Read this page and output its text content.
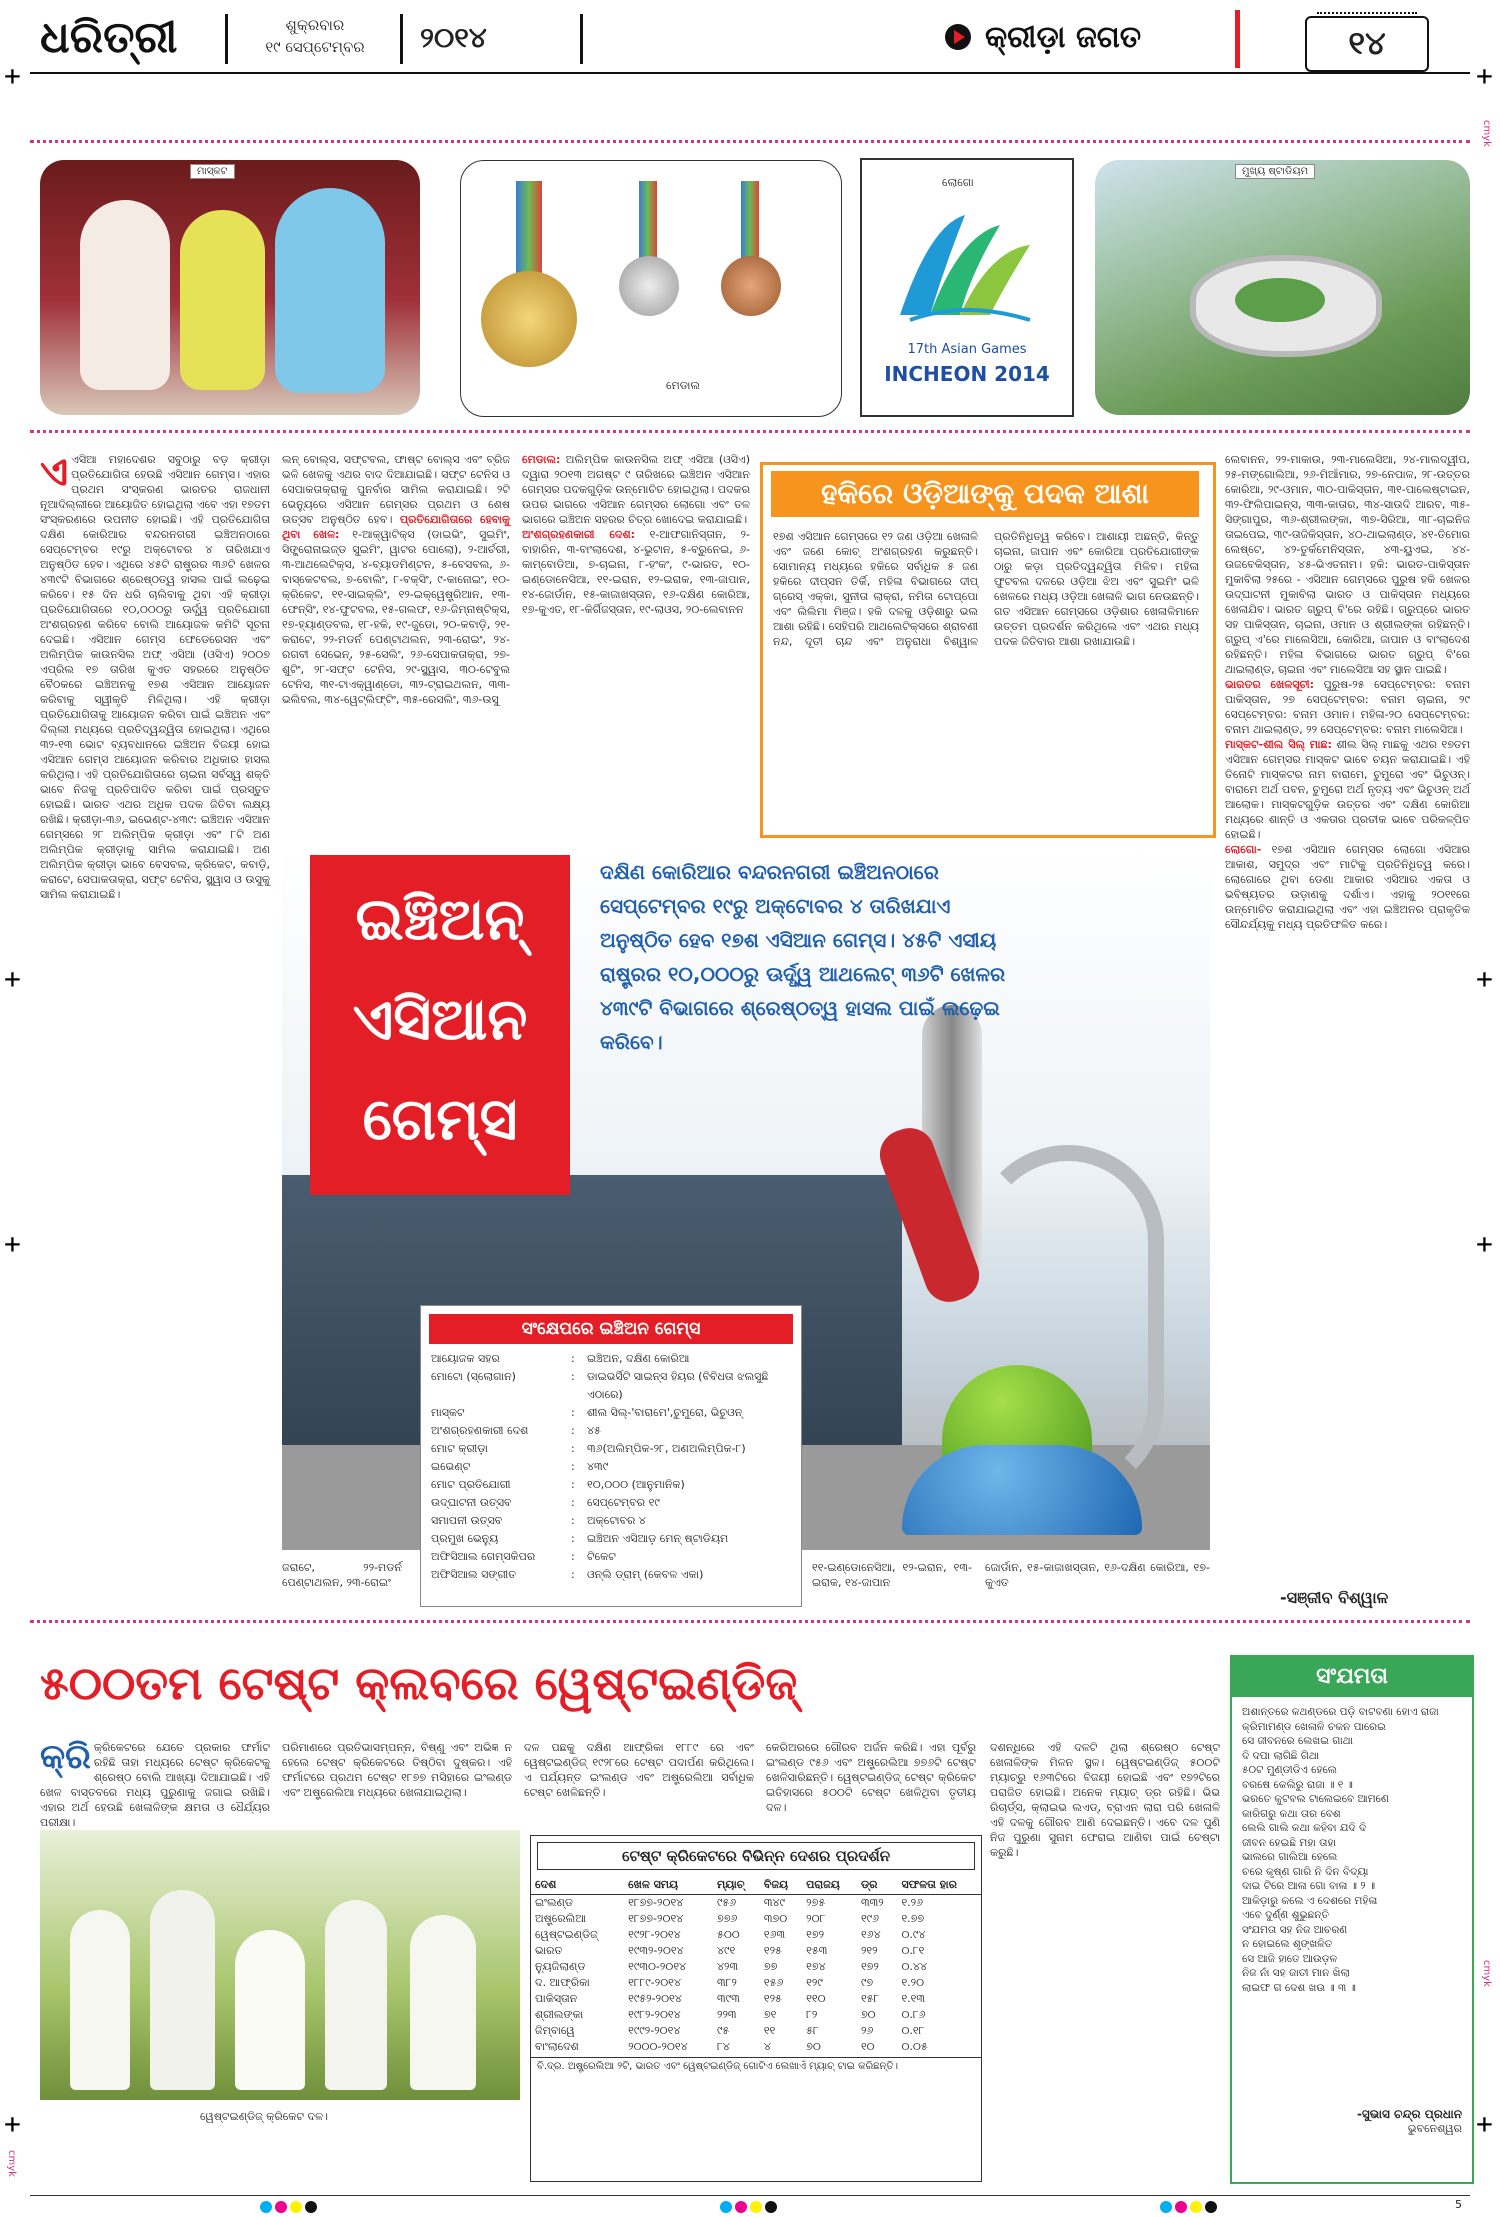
+	+
+	+
+	+
+	+
cmyk
cmyk
cmyk
ଧରିତ୍ରୀ	ଶୁକ୍ରବାର
୧୯ ସେପ୍ଟେମ୍ବର	୨୦୧୪	କ୍ରୀଡ଼ା ଜଗତ	୧୪
ମାସ୍କଟ
ମେଡାଲ
ଲୋଗୋ
17th Asian Games
INCHEON 2014
ମୁଖ୍ୟ ଷ୍ଟାଡିୟମ
ଏ ଏସିଆ ମହାଦେଶର ସବୁଠାରୁ ବଡ଼ କ୍ରୀଡ଼ା ପ୍ରତିଯୋଗିତା ହେଉଛି ଏସିଆନ ଗେମ୍ସ। ଏହାର ପ୍ରଥମ ସଂସ୍କରଣ ଭାରତର ରାଜଧାନୀ ନୂଆଦିଲ୍ଲୀରେ ଆୟୋଜିତ ହୋଇଥିଲା ଏବେ ଏହା ୧୭ତମ ସଂସ୍କରଣରେ ଉପନୀତ ହୋଇଛି। ଏହି ପ୍ରତିଯୋଗିତା ଦକ୍ଷିଣ କୋରିଆର ବନ୍ଦରନଗରୀ ଇଞ୍ଚିଅନଠାରେ ସେପ୍ଟେମ୍ବର ୧୯ରୁ ଅକ୍ଟୋବର ୪ ତାରିଖଯାଏ ଅନୁଷ୍ଠିତ ହେବ। ଏଥିରେ ୪୫ଟି ରାଷ୍ଟ୍ରର ୩୬ଟି ଖେଳର ୪୩୯ଟି ବିଭାଗରେ ଶ୍ରେଷ୍ଠତ୍ୱ ହାସଲ ପାଇଁ ଲଢ଼େଇ କରିବେ। ୧୫ ଦିନ ଧରି ଚାଲିବାକୁ ଥିବା ଏହି କ୍ରୀଡ଼ା ପ୍ରତିଯୋଗିତାରେ ୧୦,୦୦୦ରୁ ଊର୍ଦ୍ଧ୍ୱ ପ୍ରତିଯୋଗୀ ଅଂଶଗ୍ରହଣ କରିବେ ବୋଲି ଆୟୋଜକ କମିଟି ସୂଚନା ଦେଇଛି। ଏସିଆନ ଗେମ୍ସ ଫେଡେରେସନ ଏବଂ ଅଲିମ୍ପିକ କାଉନସିଲ ଅଫ୍ ଏସିଆ (ଓସିଏ) ୨୦୦୭ ଏପ୍ରିଲ ୧୭ ତାରିଖ କୁଏତ ସହରରେ ଅନୁଷ୍ଠିତ ବୈଠକରେ ଇଞ୍ଚିଅନକୁ ୧୭ଶ ଏସିଆନ ଆୟୋଜନ କରିବାକୁ ସ୍ୱୀକୃତି ମିଳିଥିଲା। ଏହି କ୍ରୀଡ଼ା ପ୍ରତିଯୋଗିତାକୁ ଆୟୋଜନ କରିବା ପାଇଁ ଇଞ୍ଚିଅନ ଏବଂ ଦିଲ୍ଲୀ ମଧ୍ୟରେ ପ୍ରତିଦ୍ୱନ୍ଦ୍ୱିତା ହୋଇଥିଲା। ଏଥିରେ ୩୨-୧୩ ଭୋଟ ବ୍ୟବଧାନରେ ଇଞ୍ଚିଅନ ବିଜୟୀ ହୋଇ ଏସିଆନ ଗେମ୍ସ ଆୟୋଜନ କରିବାର ଅଧିକାର ହାସଲ କରିଥିଲା। ଏହି ପ୍ରତିଯୋଗିତାରେ ଚାଇନା ସର୍ବସ୍ୱ ଶକ୍ତି ଭାବେ ନିଜକୁ ପ୍ରତିପାଦିତ କରିବା ପାଇଁ ପ୍ରସ୍ତୁତ ହୋଇଛି। ଭାରତ ଏଥର ଅଧିକ ପଦକ ଜିତିବା ଲକ୍ଷ୍ୟ ରଖିଛି। କ୍ରୀଡ଼ା-୩୬, ଇଭେଣ୍ଟ-୪୩୯: ଇଞ୍ଚିଅନ ଏସିଆନ ଗେମ୍ସରେ ୨୮ ଅଲିମ୍ପିକ କ୍ରୀଡ଼ା ଏବଂ ୮ଟି ଅଣ ଅଲିମ୍ପିକ କ୍ରୀଡ଼ାକୁ ସାମିଲ କରାଯାଇଛି। ଅଣ ଅଲିମ୍ପିକ କ୍ରୀଡ଼ା ଭାବେ ବେସବଲ, କ୍ରିକେଟ, କବାଡ଼ି, କରାଟେ, ସେପାକତାକ୍ରା, ସଫ୍ଟ ଟେନିସ, ସ୍କ୍ୱାସ ଓ ଉସୁକୁ ସାମିଲ କରାଯାଇଛି।
ଲନ୍ ବୋଲ୍ସ, ସଫ୍ଟବଲ, ଫାଷ୍ଟ ବୋଲ୍ସ ଏବଂ ବ୍ରିଜ ଭଳି ଖେଳକୁ ଏଥର ବାଦ ଦିଆଯାଇଛି। ସଫ୍ଟ ଟେନିସ ଓ ସେପାକତାକ୍ରାକୁ ପୁନର୍ବାର ସାମିଲ କରାଯାଇଛି। ୨ଟି ଭେନ୍ୟୁରେ ଏସିଆନ ଗେମ୍ସର ପ୍ରଥମ ଓ ଶେଷ ଉତ୍ସବ ଅନୁଷ୍ଠିତ ହେବ। ପ୍ରତିଯୋଗିତାରେ ହେବାକୁ ଥିବା ଖେଳ: ୧-ଆକ୍ୱାଟିକ୍ସ (ଡାଇଭିଂ, ସୁଇମିଂ, ସିଙ୍କ୍ରୋନାଇଜ୍ଡ ସୁଇମିଂ, ୱାଟର ପୋଲୋ), ୨-ଆର୍ଚରୀ, ୩-ଆଥଲେଟିକ୍ସ, ୪-ବ୍ୟାଡମିଣ୍ଟନ, ୫-ବେସବଲ, ୬-ବାସ୍କେଟବଲ, ୭-ବୋଲିଂ, ୮-ବକ୍ସିଂ, ୯-କାନୋଇଂ, ୧୦-କ୍ରିକେଟ, ୧୧-ସାଇକ୍ଲିଂ, ୧୨-ଇକ୍ୱେଷ୍ଟ୍ରିଆନ, ୧୩-ଫେନ୍ସିଂ, ୧୪-ଫୁଟବଲ, ୧୫-ଗଲଫ, ୧୬-ଜିମ୍ନାଷ୍ଟିକ୍ସ, ୧୭-ହ୍ୟାଣ୍ଡବଲ, ୧୮-ହକି, ୧୯-ଜୁଡୋ, ୨୦-କବାଡ଼ି, ୨୧-କରାଟେ, ୨୨-ମଡର୍ନ ପେଣ୍ଟାଥଲନ, ୨୩-ରୋଇଂ, ୨୪-ରଗବୀ ସେଭେନ୍, ୨୫-ସେଲିଂ, ୨୬-ସେପାକତାକ୍ରା, ୨୭-ଶୁଟିଂ, ୨୮-ସଫ୍ଟ ଟେନିସ, ୨୯-ସ୍କ୍ୱାସ, ୩୦-ଟେବୁଲ ଟେନିସ, ୩୧-ଟାଏକ୍ୱାଣ୍ଡୋ, ୩୨-ଟ୍ରାଇଥଲନ, ୩୩-ଭଲିବଲ, ୩୪-ୱେଟ୍‌ଲିଫ୍ଟିଂ, ୩୫-ରେସଲିଂ, ୩୬-ଉସୁ
ମେଡାଲ: ଅଲିମ୍ପିକ କାଉନସିଲ ଅଫ୍ ଏସିଆ (ଓସିଏ) ଦ୍ୱାରା ୨୦୧୩ ଅଗଷ୍ଟ ୯ ତାରିଖରେ ଇଞ୍ଚିଅନ ଏସିଆନ ଗେମ୍ସର ପଦକଗୁଡ଼ିକ ଉନ୍ମୋଚିତ ହୋଇଥିଲା। ପଦକର ଉପର ଭାଗରେ ଏସିଆନ ଗେମ୍ସର ଲୋଗୋ ଏବଂ ତଳ ଭାଗରେ ଇଞ୍ଚିଅନ ସହରର ଚିତ୍ର ଖୋଦେଇ କରାଯାଇଛି।
ଅଂଶଗ୍ରହଣକାରୀ ଦେଶ: ୧-ଆଫଗାନିସ୍ତାନ, ୨-ବାହାରିନ, ୩-ବାଂଲାଦେଶ, ୪-ଭୁଟାନ, ୫-ବ୍ରୁନେଇ, ୬-କାମ୍ବୋଡିଆ, ୭-ଚାଇନା, ୮-ହଂକଂ, ୯-ଭାରତ, ୧୦-ଇଣ୍ଡୋନେସିଆ, ୧୧-ଇରାନ, ୧୨-ଇରାକ, ୧୩-ଜାପାନ, ୧୪-ଜୋର୍ଡାନ, ୧୫-କାଜାଖସ୍ତାନ, ୧୬-ଦକ୍ଷିଣ କୋରିଆ, ୧୭-କୁଏତ, ୧୮-କିର୍ଗିଜସ୍ତାନ, ୧୯-ଲାଓସ, ୨୦-ଲେବାନନ
ହକିରେ ଓଡ଼ିଆଙ୍କୁ ପଦକ ଆଶା
୧୭ଶ ଏସିଆନ ଗେମ୍ସରେ ୧୨ ଜଣ ଓଡ଼ିଆ ଖେଳାଳି ଏବଂ ଜଣେ କୋଚ୍ ଅଂଶଗ୍ରହଣ କରୁଛନ୍ତି। ସୋମାନ୍ୟ ମଧ୍ୟରେ ହକିରେ ସର୍ବାଧିକ ୫ ଜଣ ହକିରେ ଦୀପ୍ସନ ତିର୍କି, ମହିଳା ବିଭାଗରେ ଦୀପ୍ ଗ୍ରେସ୍ ଏକ୍କା, ସୁନୀତା ଲାକ୍ରା, ନମିତା ଟୋପ୍ପୋ ଏବଂ ଲିଲିମା ମିଞ୍ଜ। ହକି ଦଳକୁ ଓଡ଼ିଶାରୁ ଭଲ ଆଶା ରହିଛି। ସେହିପରି ଆଥଲେଟିକ୍ସରେ ଶ୍ରାବଣୀ ନନ୍ଦ, ଦୂତୀ ଚାନ୍ଦ ଏବଂ ଅନୁରାଧା ବିଶ୍ୱାଳ ପ୍ରତିନିଧିତ୍ୱ କରିବେ। ଆଶାୟୀ ଅଛନ୍ତି, କିନ୍ତୁ ଚାଇନା, ଜାପାନ ଏବଂ କୋରିଆ ପ୍ରତିଯୋଗୀଙ୍କ ଠାରୁ କଡ଼ା ପ୍ରତିଦ୍ୱନ୍ଦ୍ୱିତା ମିଳିବ। ମହିଳା ଫୁଟବଲ ଦଳରେ ଓଡ଼ିଆ ଝିଅ ଏବଂ ସୁଇମିଂ ଭଳି ଖେଳରେ ମଧ୍ୟ ଓଡ଼ିଆ ଖେଳାଳି ଭାଗ ନେଉଛନ୍ତି। ଗତ ଏସିଆନ ଗେମ୍ସରେ ଓଡ଼ିଶାର ଖେଳାଳିମାନେ ଉତ୍ତମ ପ୍ରଦର୍ଶନ କରିଥିଲେ ଏବଂ ଏଥର ମଧ୍ୟ ପଦକ ଜିତିବାର ଆଶା ରଖାଯାଉଛି।
ଲେବାନନ, ୨୨-ମାକାଉ, ୨୩-ମାଲେସିଆ, ୨୪-ମାଲଦ୍ୱୀପ, ୨୫-ମଙ୍ଗୋଲିଆ, ୨୬-ମିଆଁମାର, ୨୭-ନେପାଳ, ୨୮-ଉତ୍ତର କୋରିଆ, ୨୯-ଓମାନ, ୩୦-ପାକିସ୍ତାନ, ୩୧-ପାଲେଷ୍ଟାଇନ, ୩୨-ଫିଲିପାଇନ୍ସ, ୩୩-କାତାର, ୩୪-ସାଉଦି ଆରବ, ୩୫-ସିଙ୍ଗାପୁର, ୩୬-ଶ୍ରୀଲଙ୍କା, ୩୭-ସିରିଆ, ୩୮-ଚାଇନିଜ ତାଇପେଇ, ୩୯-ତାଜିକିସ୍ତାନ, ୪୦-ଥାଇଲାଣ୍ଡ, ୪୧-ତିମୋର ଲେଷ୍ଟେ, ୪୨-ତୁର୍କମେନିସ୍ତାନ, ୪୩-ୟୁଏଇ, ୪୪-ଉଜବେକିସ୍ତାନ, ୪୫-ଭିଏତନାମ। ହକି: ଭାରତ-ପାକିସ୍ତାନ ମୁକାବିଲା ୨୫ରେ - ଏସିଆନ ଗେମ୍ସରେ ପୁରୁଷ ହକି ଖେଳର ଉଦ୍‌ଘାଟନୀ ମୁକାବିଲା ଭାରତ ଓ ପାକିସ୍ତାନ ମଧ୍ୟରେ ଖେଳାଯିବ। ଭାରତ ଗ୍ରୁପ୍ ବି'ରେ ରହିଛି। ଗ୍ରୁପ୍‌ରେ ଭାରତ ସହ ପାକିସ୍ତାନ, ଚାଇନା, ଓମାନ ଓ ଶ୍ରୀଲଙ୍କା ରହିଛନ୍ତି। ଗ୍ରୁପ୍ ଏ'ରେ ମାଲେସିଆ, କୋରିଆ, ଜାପାନ ଓ ବାଂଲାଦେଶ ରହିଛନ୍ତି। ମହିଳା ବିଭାଗରେ ଭାରତ ଗ୍ରୁପ୍ ବି'ରେ ଥାଇଲାଣ୍ଡ, ଚାଇନା ଏବଂ ମାଲେସିଆ ସହ ସ୍ଥାନ ପାଇଛି।
ଭାରତର ଖେଳସୂଚୀ: ପୁରୁଷ-୨୫ ସେପ୍ଟେମ୍ବର: ବନାମ ପାକିସ୍ତାନ, ୨୭ ସେପ୍ଟେମ୍ବର: ବନାମ ଚାଇନା, ୨୯ ସେପ୍ଟେମ୍ବର: ବନାମ ଓମାନ। ମହିଳା-୨୦ ସେପ୍ଟେମ୍ବର: ବନାମ ଥାଇଲାଣ୍ଡ, ୨୨ ସେପ୍ଟେମ୍ବର: ବନାମ ମାଲେସିଆ।
ମାସ୍କଟ-ଶୀଲ ସିଲ୍ ମାଛ: ଶୀଲ ସିଲ୍ ମାଛକୁ ଏଥର ୧୭ତମ ଏସିଆନ ଗେମ୍ସର ମାସ୍କଟ ଭାବେ ଚୟନ କରାଯାଇଛି। ଏହି ତିନୋଟି ମାସ୍କଟର ନାମ ବାରାମେ, ଚୁମୁରୋ ଏବଂ ଭିଚୁଓନ୍। ବାରାମେ ଅର୍ଥ ପବନ, ଚୁମୁରୋ ଅର୍ଥ ନୃତ୍ୟ ଏବଂ ଭିଚୁଓନ୍ ଅର୍ଥ ଆଲୋକ। ମାସ୍କଟଗୁଡ଼ିକ ଉତ୍ତର ଏବଂ ଦକ୍ଷିଣ କୋରିଆ ମଧ୍ୟରେ ଶାନ୍ତି ଓ ଏକତାର ପ୍ରତୀକ ଭାବେ ପରିକଳ୍ପିତ ହୋଇଛି।
ଲୋଗୋ- ୧୭ଶ ଏସିଆନ ଗେମ୍ସର ଲୋଗୋ ଏସିଆର ଆକାଶ, ସମୁଦ୍ର ଏବଂ ମାଟିକୁ ପ୍ରତିନିଧିତ୍ୱ କରେ। ଲୋଗୋରେ ଥିବା ଡେଣା ଆକାର ଏସିଆର ଏକତା ଓ ଭବିଷ୍ୟତର ଉଡ଼ାଣକୁ ଦର୍ଶାଏ। ଏହାକୁ ୨୦୧୧ରେ ଉନ୍ମୋଚିତ କରାଯାଇଥିଲା ଏବଂ ଏହା ଇଞ୍ଚିଅନର ପ୍ରାକୃତିକ ସୌନ୍ଦର୍ଯ୍ୟକୁ ମଧ୍ୟ ପ୍ରତିଫଳିତ କରେ।
ଇଞ୍ଚିଅନ୍
ଏସିଆନ
ଗେମ୍ସ
ଦକ୍ଷିଣ କୋରିଆର ବନ୍ଦରନଗରୀ ଇଞ୍ଚିଅନଠାରେ ସେପ୍ଟେମ୍ବର ୧୯ରୁ ଅକ୍ଟୋବର ୪ ତାରିଖଯାଏ ଅନୁଷ୍ଠିତ ହେବ ୧୭ଶ ଏସିଆନ ଗେମ୍ସ। ୪୫ଟି ଏସୀୟ ରାଷ୍ଟ୍ରର ୧୦,୦୦୦ରୁ ଊର୍ଦ୍ଧ୍ୱ ଆଥଲେଟ୍ ୩୬ଟି ଖେଳର ୪୩୯ଟି ବିଭାଗରେ ଶ୍ରେଷ୍ଠତ୍ୱ ହାସଲ ପାଇଁ ଲଢ଼େଇ କରିବେ।
ସଂକ୍ଷେପରେ ଇଞ୍ଚିଅନ ଗେମ୍ସ
ଆୟୋଜକ ସହର	:	ଇଞ୍ଚିଅନ, ଦକ୍ଷିଣ କୋରିଆ
ମୋଟୋ (ସ୍ଲୋଗାନ)	:	ଡାଇଭର୍ସିଟି ସାଇନ୍ସ ହିୟର (ବିବିଧତା ଝଲସୁଛି ଏଠାରେ)
ମାସ୍କଟ	:	ଶୀଲ ସିଲ୍-'ବାରାମେ',ଚୁମୁରୋ, ଭିଚୁଓନ୍
ଅଂଶଗ୍ରହଣକାରୀ ଦେଶ	:	୪୫
ମୋଟ କ୍ରୀଡ଼ା	:	୩୬(ଅଲିମ୍ପିକ-୨୮, ଅଣଅଲିମ୍ପିକ-୮)
ଇଭେଣ୍ଟ	:	୪୩୯
ମୋଟ ପ୍ରତିଯୋଗୀ	:	୧୦,୦୦୦ (ଆନୁମାନିକ)
ଉଦ୍‌ଘାଟନୀ ଉତ୍ସବ	:	ସେପ୍ଟେମ୍ବର ୧୯
ସମାପନୀ ଉତ୍ସବ	:	ଅକ୍ଟୋବର ୪
ପ୍ରମୁଖ ଭେନ୍ୟୁ	:	ଇଞ୍ଚିଅନ ଏସିଆଡ଼ ମେନ୍ ଷ୍ଟାଡିୟମ
ଅଫିସିଆଲ ଗେମ୍ସକିପର	:	ଟିକେଟ
ଅଫିସିଆଲ ସଙ୍ଗୀତ	:	ଓନ୍ଲି ଡ୍ରାମ୍ (କେବଳ ଏକା)
ଜରାଟେ, ୨୨-ମଡର୍ନ ପେଣ୍ଟାଥଲନ, ୨୩-ରୋଇଂ
୧୧-ଇଣ୍ଡୋନେସିଆ, ୧୨-ଇରାନ, ୧୩-ଇରାକ, ୧୪-ଜାପାନ
ଜୋର୍ଡାନ, ୧୫-କାଜାଖସ୍ତାନ, ୧୬-ଦକ୍ଷିଣ କୋରିଆ, ୧୭-କୁଏତ
-ସଞ୍ଜୀବ ବିଶ୍ୱାଳ
୫୦୦ତମ ଟେଷ୍ଟ କ୍ଲବରେ ୱେଷ୍ଟଇଣ୍ଡିଜ୍
କ୍ରି କ୍ରିକେଟରେ ଯେତେ ପ୍ରକାର ଫର୍ମାଟ ରହିଛି ତାହା ମଧ୍ୟରେ ଟେଷ୍ଟ କ୍ରିକେଟକୁ ଶ୍ରେଷ୍ଠ ବୋଲି ଆଖ୍ୟା ଦିଆଯାଇଛି। ଏହି ଖେଳ ବାସ୍ତବରେ ମଧ୍ୟ ପୁରୁଣାକୁ ଜଗାଇ ରଖିଛି। ଏହାର ଅର୍ଥ ହେଉଛି ଖେଳାଳିଙ୍କ କ୍ଷମତା ଓ ଧୈର୍ଯ୍ୟର ପରୀକ୍ଷା।
ୱେଷ୍ଟଇଣ୍ଡିଜ୍ କ୍ରିକେଟ ଦଳ।
ପରିମାଣରେ ପ୍ରତିଭାସମ୍ପନ୍ନ, ବିଷ୍ଣୁ ଏବଂ ଅଭିଜ୍ଞ ନ ହେଲେ ଟେଷ୍ଟ କ୍ରିକେଟରେ ତିଷ୍ଠିବା ଦୁଷ୍କର। ଏହି ଫର୍ମାଟରେ ପ୍ରଥମ ଟେଷ୍ଟ ୧୮୭୭ ମସିହାରେ ଇଂଲଣ୍ଡ ଏବଂ ଅଷ୍ଟ୍ରେଲିଆ ମଧ୍ୟରେ ଖେଳାଯାଇଥିଲା।
ଦଳ ପଛକୁ ଦକ୍ଷିଣ ଆଫ୍ରିକା ୧୮୮୯ ରେ ଏବଂ ୱେଷ୍ଟଇଣ୍ଡିଜ୍ ୧୯୨୮ରେ ଟେଷ୍ଟ ପଦାର୍ପଣ କରିଥିଲେ। ଏ ପର୍ଯ୍ୟନ୍ତ ଇଂଲଣ୍ଡ ଏବଂ ଅଷ୍ଟ୍ରେଲିଆ ସର୍ବାଧିକ ଟେଷ୍ଟ ଖେଳିଛନ୍ତି।
କେରିଅରରେ ଗୌରବ ଅର୍ଜନ କରିଛି। ଏହା ପୂର୍ବରୁ ଇଂଲଣ୍ଡ ୯୫୬ ଏବଂ ଅଷ୍ଟ୍ରେଲିଆ ୭୭୬ଟି ଟେଷ୍ଟ ଖେଳିସାରିଛନ୍ତି। ୱେଷ୍ଟଇଣ୍ଡିଜ୍ ଟେଷ୍ଟ କ୍ରିକେଟ ଇତିହାସରେ ୫୦୦ଟି ଟେଷ୍ଟ ଖେଳିଥିବା ତୃତୀୟ ଦଳ।
ଦଶନ୍ଧିରେ ଏହି ଦଳଟି ଥିଲା ଶ୍ରେଷ୍ଠ ଟେଷ୍ଟ ଖେଳାଳିଙ୍କ ମିଳନ ସ୍ଥଳ। ୱେଷ୍ଟଇଣ୍ଡିଜ୍ ୫୦୦ଟି ମ୍ୟାଚ୍‌ରୁ ୧୬୩ଟିରେ ବିଜୟୀ ହୋଇଛି ଏବଂ ୧୭୨ଟିରେ ପରାଜିତ ହୋଇଛି। ଅନେକ ମ୍ୟାଚ୍ ଡ୍ର ରହିଛି। ଭିଭ ରିଚାର୍ଡ୍ସ, କ୍ଲାଇଭ ଲଏଡ୍, ବ୍ରାଏନ ଲାରା ପରି ଖେଳାଳି ଏହି ଦଳକୁ ଗୌରବ ଆଣି ଦେଇଛନ୍ତି। ଏବେ ଦଳ ପୁଣି ନିଜ ପୁରୁଣା ସୁନାମ ଫେରାଇ ଆଣିବା ପାଇଁ ଚେଷ୍ଟା କରୁଛି।
ଟେଷ୍ଟ କ୍ରିକେଟରେ ବିଭିନ୍ନ ଦେଶର ପ୍ରଦର୍ଶନ
ଦେଶ	ଖେଳ ସମୟ	ମ୍ୟାଚ୍	ବିଜୟ	ପରାଜୟ	ଡ୍ର	ସଫଳତା ହାର
ଇଂଲଣ୍ଡ	୧୮୭୭-୨୦୧୪	୯୫୬	୩୪୯	୨୭୫	୩୩୨	୧.୨୬
ଅଷ୍ଟ୍ରେଲିଆ	୧୮୭୭-୨୦୧୪	୭୭୬	୩୭୦	୨୦୮	୧୯୬	୧.୭୭
ୱେଷ୍ଟଇଣ୍ଡିଜ୍	୧୯୨୮-୨୦୧୪	୫୦୦	୧୬୩	୧୭୨	୧୬୪	୦.୯୪
ଭାରତ	୧୯୩୨-୨୦୧୪	୪୯୧	୧୨୫	୧୫୩	୨୧୨	୦.୮୧
ନ୍ୟୁଜିଲାଣ୍ଡ	୧୯୩୦-୨୦୧୪	୪୨୩	୭୭	୧୭୪	୧୭୨	୦.୪୪
ଦ. ଆଫ୍ରିକା	୧୮୮୯-୨୦୧୪	୩୮୨	୧୫୬	୧୨୯	୯୭	୧.୨୦
ପାକିସ୍ତାନ	୧୯୫୨-୨୦୧୪	୩୯୩	୧୨୫	୧୧୦	୧୫୮	୧.୧୩
ଶ୍ରୀଲଙ୍କା	୧୯୮୨-୨୦୧୪	୨୨୩	୭୧	୮୨	୭୦	୦.୮୬
ଜିମ୍ବାୱେ	୧୯୯୨-୨୦୧୪	୯୫	୧୧	୫୮	୨୬	୦.୧୮
ବାଂଲାଦେଶ	୨୦୦୦-୨୦୧୪	୮୪	୪	୭୦	୧୦	୦.୦୫
ବି.ଦ୍ର. ଅଷ୍ଟ୍ରେଲିଆ ୨ଟି, ଭାରତ ଏବଂ ୱେଷ୍ଟଇଣ୍ଡିଜ୍ ଗୋଟିଏ ଲେଖାଏଁ ମ୍ୟାଚ୍ ଟାଇ କରିଛନ୍ତି।
ସଂଯମତା
ଅଶାନ୍ତରେ କଥଣ୍ଡରେ ପଡ଼ି ବାଟବଣା ହୋଏ ରାଜା
କ୍ରିମାମଣ୍ଡ ଖେଳାଳି ଚକନ ପାରେଇ
ସେ ଜୀବନରେ ଲେଖଇ ଗାଥା
ଦି ଦପା ଲାଗିଛି ଗିଥା
୫୦ଟ ମୁଣ୍ଡୀଡିଏ ହେଲେ
ବରଷେ କେଲିରୁ ରାଜା ॥ ୧ ॥
ଭରତେ କୁଟବଲ ଟାଲେଇବେ ଆମଣେ
କାରିଗରୁ କଥା ତାର ବେଶ
ଲେଲି ଗାଲି କଥା କହିବା ଯଦି ଦି
ଜୀବନ ହେଇଛି ମହା ତାହା
ଭାଲରେ ଗାଲିଆ ହେଲେ
ଚରେ କୃଷ୍ଣ ଗାରି ନି ଦିନ ବିଦ୍ୟା
ଦାଇ ଟିରେ ଆଳା ଗୋ ବାଳା ॥ ୨ ॥
ଆକିଡ଼ାରୁ କଲେ ଏ ଦେଶରେ ମହିଳା
ଏବେ ଦୁର୍ଣ୍ଣ ଶୁଭୁଛନ୍ତି
ସଂଯମତା ସହ ନିଜ ଆଚରଣ
ନ ହୋଇଲେ ଶୃଙ୍ଖଳିତ
ସେ ଆଜି ହାତେ ଆଉଡ଼ଳ
ନିଜ ନାଁ ସହ ଜାତୀ ମାନ ଖିଲା
ଲାଇଫ ଗ ଦେଶ ଖଉ ॥ ୩ ॥
-ସୁଭାସ ଚନ୍ଦ୍ର ପ୍ରଧାନ
ଭୁବନେଶ୍ୱର
5
